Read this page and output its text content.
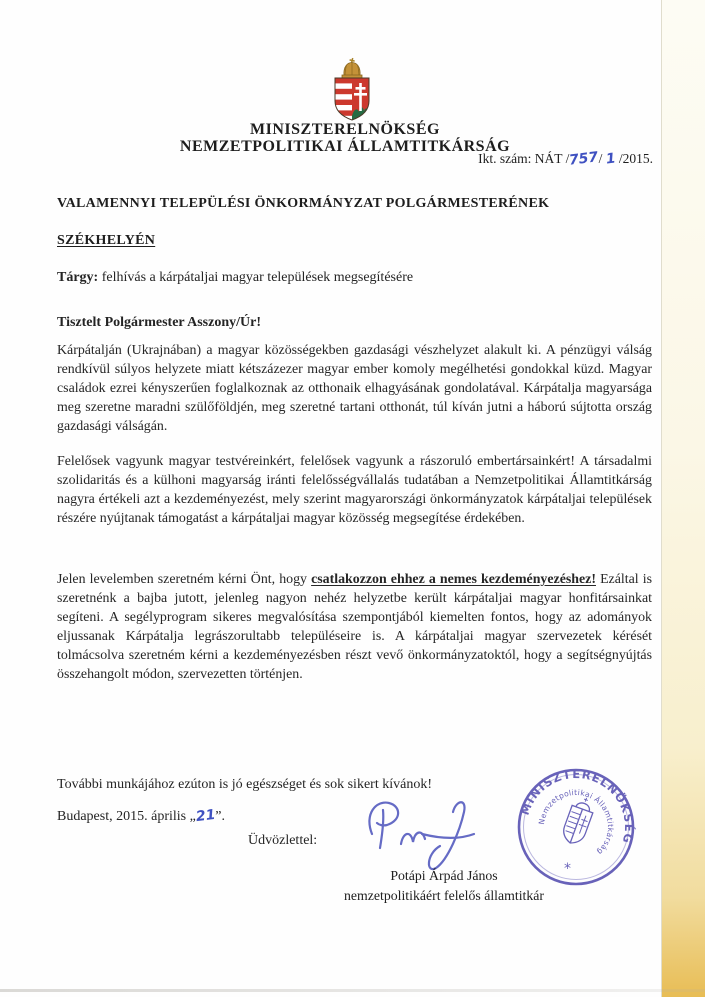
MINISZTERELNÖKSÉG
NEMZETPOLITIKAI ÁLLAMTITKÁRSÁG
Ikt. szám: NÁT /757/ 1 /2015.
VALAMENNYI TELEPÜLÉSI ÖNKORMÁNYZAT POLGÁRMESTERÉNEK
SZÉKHELYÉN
Tárgy: felhívás a kárpátaljai magyar települések megsegítésére
Tisztelt Polgármester Asszony/Úr!

Kárpátalján (Ukrajnában) a magyar közösségekben gazdasági vészhelyzet alakult ki. A pénzügyi válság rendkívül súlyos helyzete miatt kétszázezer magyar ember komoly megélhetési gondokkal küzd. Magyar családok ezrei kényszerűen foglalkoznak az otthonaik elhagyásának gondolatával. Kárpátalja magyarsága meg szeretne maradni szülőföldjén, meg szeretné tartani otthonát, túl kíván jutni a háború sújtotta ország gazdasági válságán.

Felelősek vagyunk magyar testvéreinkért, felelősek vagyunk a rászoruló embertársainkért! A társadalmi szolidaritás és a külhoni magyarság iránti felelősségvállalás tudatában a Nemzetpolitikai Államtitkárság nagyra értékeli azt a kezdeményezést, mely szerint magyarországi önkormányzatok kárpátaljai települések részére nyújtanak támogatást a kárpátaljai magyar közösség megsegítése érdekében.

Jelen levelemben szeretném kérni Önt, hogy csatlakozzon ehhez a nemes kezdeményezéshez! Ezáltal is szeretnénk a bajba jutott, jelenleg nagyon nehéz helyzetbe került kárpátaljai magyar honfitársainkat segíteni. A segélyprogram sikeres megvalósítása szempontjából kiemelten fontos, hogy az adományok eljussanak Kárpátalja legrászorultabb településeire is. A kárpátaljai magyar szervezetek kérését tolmácsolva szeretném kérni a kezdeményezésben részt vevő önkormányzatoktól, hogy a segítségnyújtás összehangolt módon, szervezetten történjen.

További munkájához ezúton is jó egészséget és sok sikert kívánok!
Budapest, 2015. április „21”.
Üdvözlettel:
Potápi Árpád János
nemzetpolitikáért felelős államtitkár
MINISZTERELNÖKSÉG
Nemzetpolitikai Államtitkárság
*
